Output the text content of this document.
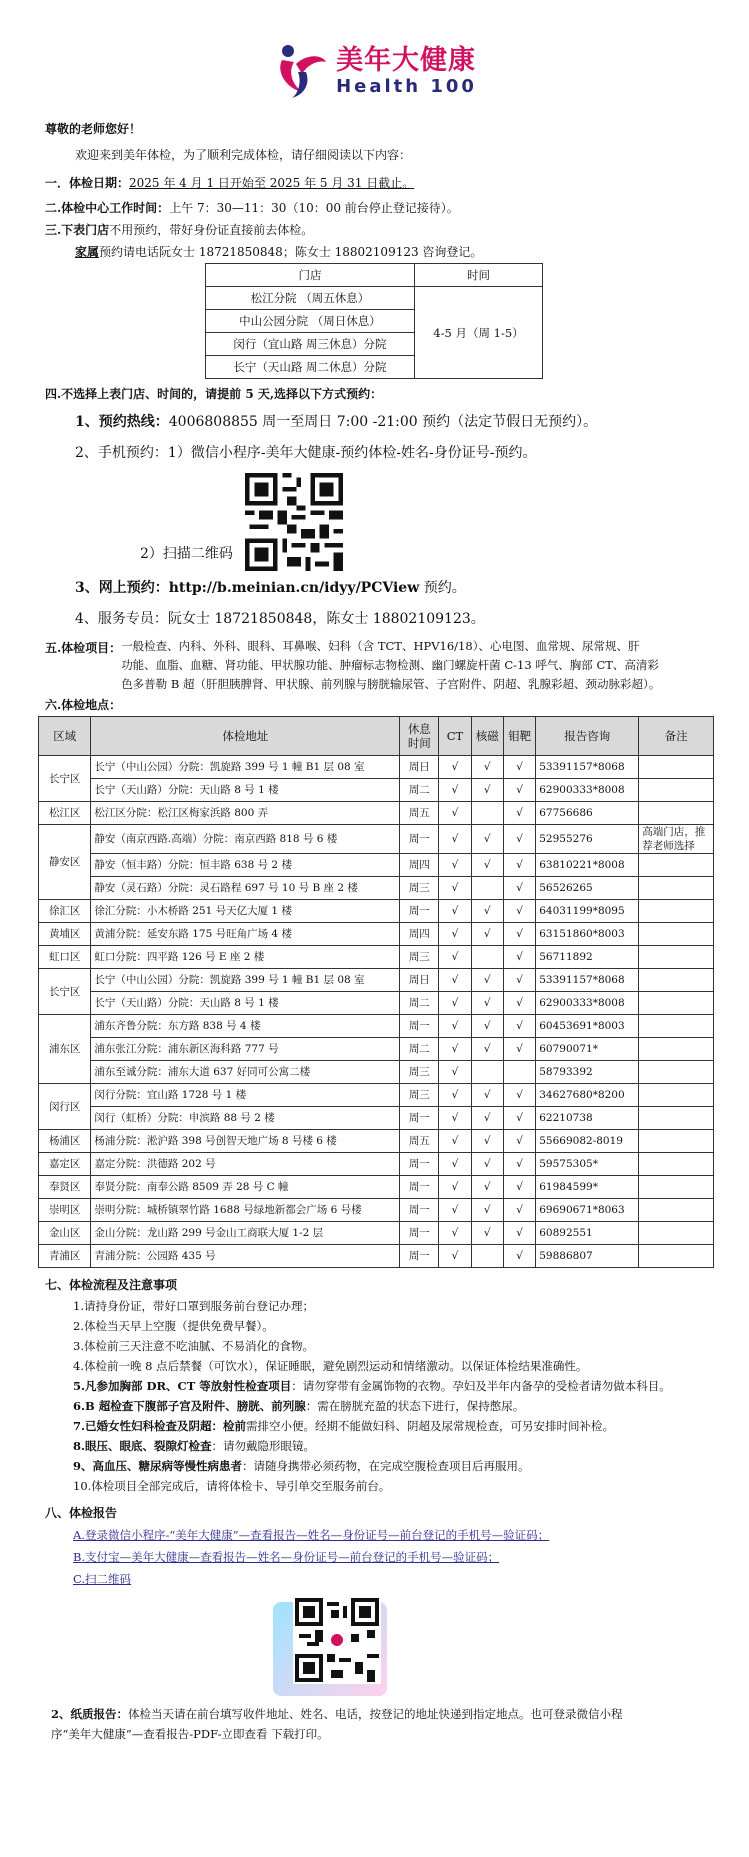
美年大健康
Health 100

尊敬的老师您好！

欢迎来到美年体检，为了顺利完成体检，请仔细阅读以下内容：

一．体检日期：2025 年 4 月 1 日开始至 2025 年 5 月 31 日截止。

二.体检中心工作时间：上午 7：30—11：30（10：00 前台停止登记接待）。

三.下表门店不用预约，带好身份证直接前去体检。

家属预约请电话阮女士 18721850848；陈女士 18802109123 咨询登记。

门店	时间
松江分院 （周五休息）	4-5 月（周 1-5）
中山公园分院 （周日休息）	
闵行（宜山路 周三休息）分院	
长宁（天山路 周二休息）分院	

四.不选择上表门店、时间的，请提前 5 天,选择以下方式预约：

1、预约热线：4006808855 周一至周日 7:00 -21:00 预约（法定节假日无预约）。

2、手机预约：1）微信小程序-美年大健康-预约体检-姓名-身份证号-预约。

2）扫描二维码

3、网上预约：http://b.meinian.cn/idyy/PCView 预约。

4、服务专员：阮女士 18721850848，陈女士 18802109123。

五.体检项目： 一般检查、内科、外科、眼科、耳鼻喉、妇科（含 TCT、HPV16/18）、心电图、血常规、尿常规、肝
功能、血脂、血糖、肾功能、甲状腺功能、肿瘤标志物检测、幽门螺旋杆菌 C-13 呼气、胸部 CT、高清彩
色多普勒 B 超（肝胆胰脾肾、甲状腺、前列腺与膀胱输尿管、子宫附件、阴超、乳腺彩超、颈动脉彩超）。

六.体检地点：

区域	体检地址	休息时间	CT	核磁	钼靶	报告咨询	备注
长宁区	长宁（中山公园）分院：凯旋路 399 号 1 幢 B1 层 08 室	周日	√	√	√	53391157*8068	
	长宁（天山路）分院：天山路 8 号 1 楼	周二	√	√	√	62900333*8008	
松江区	松江区分院：松江区梅家浜路 800 弄	周五	√		√	67756686	
静安区	静安（南京西路.高端）分院：南京西路 818 号 6 楼	周一	√	√	√	52955276	高端门店，推荐老师选择
	静安（恒丰路）分院：恒丰路 638 号 2 楼	周四	√	√	√	63810221*8008	
	静安（灵石路）分院：灵石路程 697 号 10 号 B 座 2 楼	周三	√		√	56526265	
徐汇区	徐汇分院：小木桥路 251 号天亿大厦 1 楼	周一	√	√	√	64031199*8095	
黄埔区	黄浦分院：延安东路 175 号旺角广场 4 楼	周四	√	√	√	63151860*8003	
虹口区	虹口分院：四平路 126 号 E 座 2 楼	周三	√		√	56711892	
长宁区	长宁（中山公园）分院：凯旋路 399 号 1 幢 B1 层 08 室	周日	√	√	√	53391157*8068	
	长宁（天山路）分院：天山路 8 号 1 楼	周二	√	√	√	62900333*8008	
浦东区	浦东齐鲁分院：东方路 838 号 4 楼	周一	√	√	√	60453691*8003	
	浦东张江分院：浦东新区海科路 777 号	周二	√	√	√	60790071*	
	浦东至诚分院：浦东大道 637 好同可公寓二楼	周三	√			58793392	
闵行区	闵行分院：宜山路 1728 号 1 楼	周三	√	√	√	34627680*8200	
	闵行（虹桥）分院：申滨路 88 号 2 楼	周一	√	√	√	62210738	
杨浦区	杨浦分院：淞沪路 398 号创智天地广场 8 号楼 6 楼	周五	√	√	√	55669082-8019	
嘉定区	嘉定分院：洪德路 202 号	周一	√	√	√	59575305*	
奉贤区	奉贤分院：南奉公路 8509 弄 28 号 C 幢	周一	√	√	√	61984599*	
崇明区	崇明分院：城桥镇翠竹路 1688 号绿地新都会广场 6 号楼	周一	√	√	√	69690671*8063	
金山区	金山分院：龙山路 299 号金山工商联大厦 1-2 层	周一	√	√	√	60892551	
青浦区	青浦分院：公园路 435 号	周一	√		√	59886807	

七、体检流程及注意事项

1.请持身份证，带好口罩到服务前台登记办理；

2.体检当天早上空腹（提供免费早餐）。

3.体检前三天注意不吃油腻、不易消化的食物。

4.体检前一晚 8 点后禁餐（可饮水），保证睡眠，避免剧烈运动和情绪激动。以保证体检结果准确性。

5.凡参加胸部 DR、CT 等放射性检查项目：请勿穿带有金属饰物的衣物。孕妇及半年内备孕的受检者请勿做本科目。

6.B 超检查下腹部子宫及附件、膀胱、前列腺：需在膀胱充盈的状态下进行，保持憋尿。

7.已婚女性妇科检查及阴超：检前需排空小便。经期不能做妇科、阴超及尿常规检查，可另安排时间补检。

8.眼压、眼底、裂隙灯检查：请勿戴隐形眼镜。

9、高血压、糖尿病等慢性病患者：请随身携带必须药物，在完成空腹检查项目后再服用。

10.体检项目全部完成后，请将体检卡、导引单交至服务前台。

八、体检报告

A.登录微信小程序-“美年大健康”—查看报告—姓名—身份证号—前台登记的手机号—验证码；

B.支付宝—美年大健康—查看报告—姓名—身份证号—前台登记的手机号—验证码；

C.扫二维码

2、纸质报告：体检当天请在前台填写收件地址、姓名、电话，按登记的地址快递到指定地点。也可登录微信小程
序“美年大健康”—查看报告-PDF-立即查看 下载打印。
